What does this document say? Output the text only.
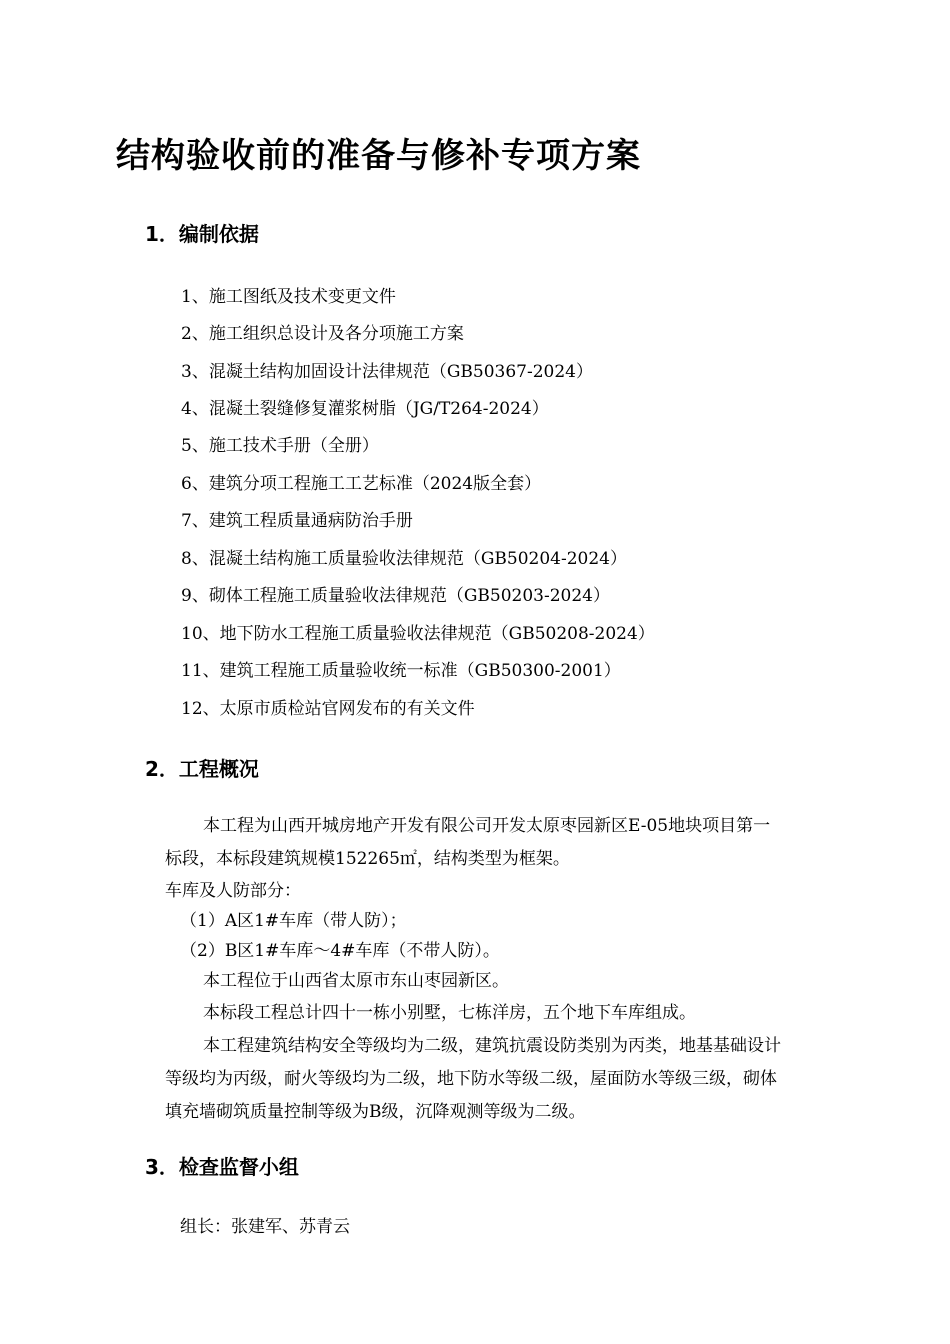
结构验收前的准备与修补专项方案
1．编制依据
1、施工图纸及技术变更文件
2、施工组织总设计及各分项施工方案
3、混凝土结构加固设计法律规范（GB50367-2024）
4、混凝土裂缝修复灌浆树脂（JG/T264-2024）
5、施工技术手册（全册）
6、建筑分项工程施工工艺标准（2024版全套）
7、建筑工程质量通病防治手册
8、混凝土结构施工质量验收法律规范（GB50204-2024）
9、砌体工程施工质量验收法律规范（GB50203-2024）
10、地下防水工程施工质量验收法律规范（GB50208-2024）
11、建筑工程施工质量验收统一标准（GB50300-2001）
12、太原市质检站官网发布的有关文件
2．工程概况
本工程为山西开城房地产开发有限公司开发太原枣园新区E-05地块项目第一
标段，本标段建筑规模152265㎡，结构类型为框架。
车库及人防部分：
（1）A区1#车库（带人防）；
（2）B区1#车库～4#车库（不带人防）。
本工程位于山西省太原市东山枣园新区。
本标段工程总计四十一栋小别墅，七栋洋房，五个地下车库组成。
本工程建筑结构安全等级均为二级，建筑抗震设防类别为丙类，地基基础设计
等级均为丙级，耐火等级均为二级，地下防水等级二级，屋面防水等级三级，砌体
填充墙砌筑质量控制等级为B级，沉降观测等级为二级。
3．检查监督小组
组长：张建军、苏青云
